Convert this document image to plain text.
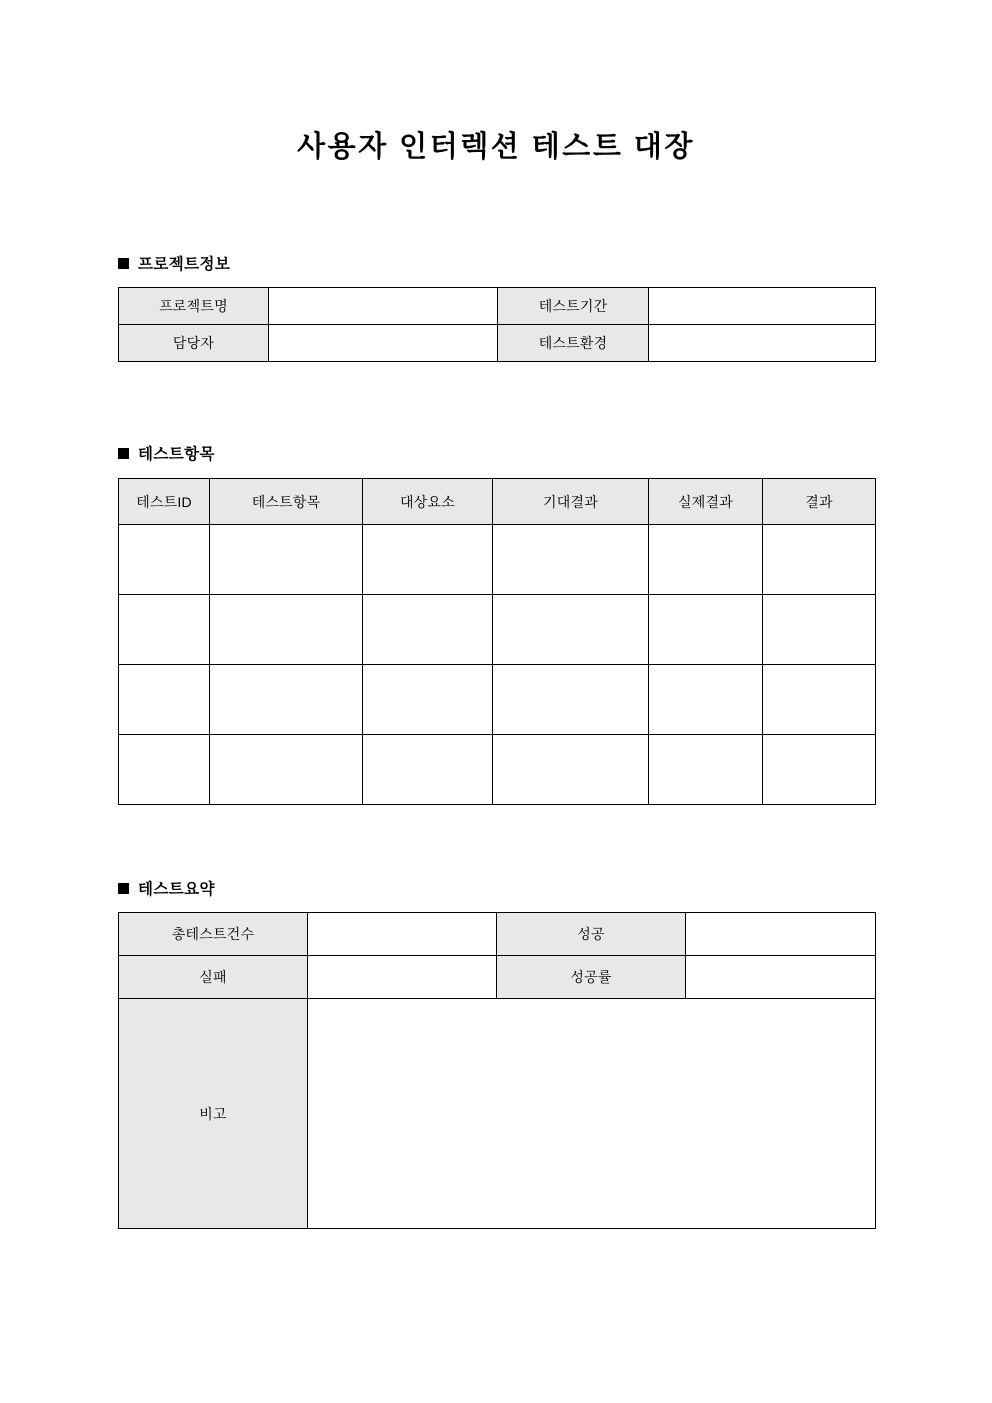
사용자 인터렉션 테스트 대장
프로젝트정보
프로젝트명		테스트기간	
담당자		테스트환경	
테스트항목
테스트ID	테스트항목	대상요소	기대결과	실제결과	결과

테스트요약
총테스트건수		성공	
실패		성공률	
비고			
